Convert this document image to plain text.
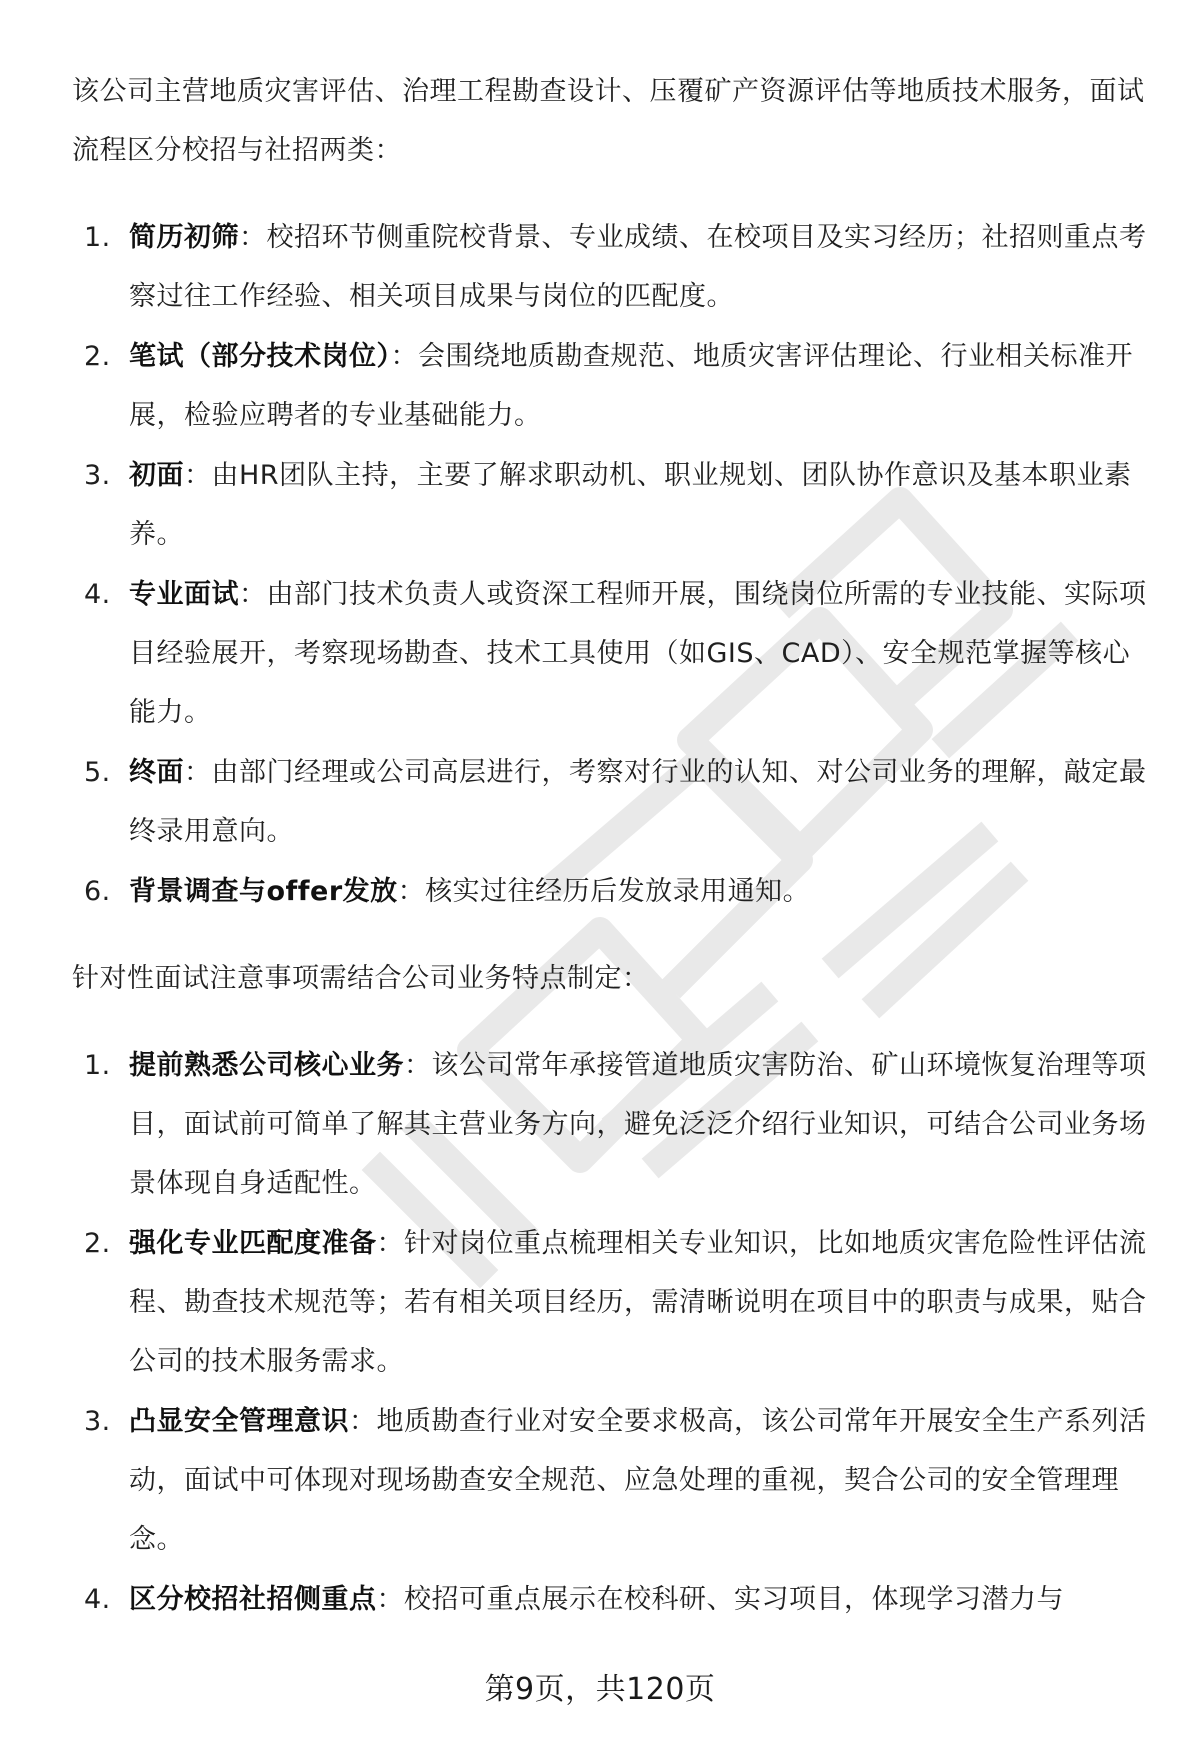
该公司主营地质灾害评估、治理工程勘查设计、压覆矿产资源评估等地质技术服务，面试流程区分校招与社招两类：

1. 简历初筛：校招环节侧重院校背景、专业成绩、在校项目及实习经历；社招则重点考察过往工作经验、相关项目成果与岗位的匹配度。
2. 笔试（部分技术岗位）：会围绕地质勘查规范、地质灾害评估理论、行业相关标准开展，检验应聘者的专业基础能力。
3. 初面：由HR团队主持，主要了解求职动机、职业规划、团队协作意识及基本职业素养。
4. 专业面试：由部门技术负责人或资深工程师开展，围绕岗位所需的专业技能、实际项目经验展开，考察现场勘查、技术工具使用（如GIS、CAD）、安全规范掌握等核心能力。
5. 终面：由部门经理或公司高层进行，考察对行业的认知、对公司业务的理解，敲定最终录用意向。
6. 背景调查与offer发放：核实过往经历后发放录用通知。

针对性面试注意事项需结合公司业务特点制定：

1. 提前熟悉公司核心业务：该公司常年承接管道地质灾害防治、矿山环境恢复治理等项目，面试前可简单了解其主营业务方向，避免泛泛介绍行业知识，可结合公司业务场景体现自身适配性。
2. 强化专业匹配度准备：针对岗位重点梳理相关专业知识，比如地质灾害危险性评估流程、勘查技术规范等；若有相关项目经历，需清晰说明在项目中的职责与成果，贴合公司的技术服务需求。
3. 凸显安全管理意识：地质勘查行业对安全要求极高，该公司常年开展安全生产系列活动，面试中可体现对现场勘查安全规范、应急处理的重视，契合公司的安全管理理念。
4. 区分校招社招侧重点：校招可重点展示在校科研、实习项目，体现学习潜力与
第9页，共120页
